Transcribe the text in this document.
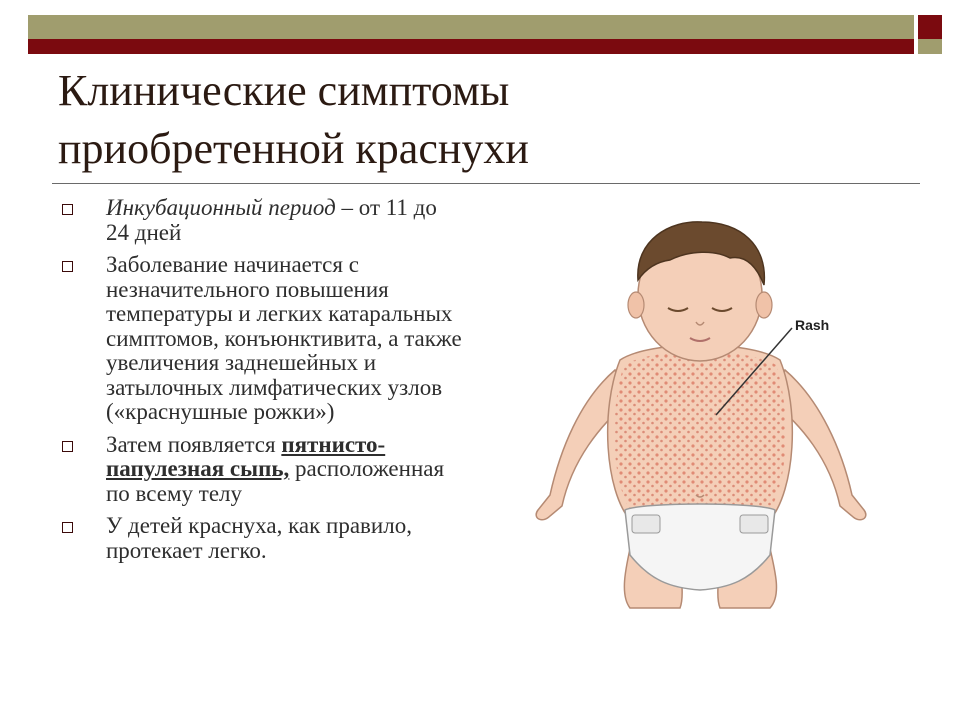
Клинические симптомы
приобретенной краснухи
Инкубационный период – от 11 до 24 дней
Заболевание начинается с незначительного повышения температуры и легких катаральных симптомов, конъюнктивита, а также увеличения заднешейных и затылочных лимфатических узлов («краснушные рожки»)
Затем появляется пятнисто-папулезная сыпь, расположенная по всему телу
У детей краснуха, как правило, протекает легко.
Rash
